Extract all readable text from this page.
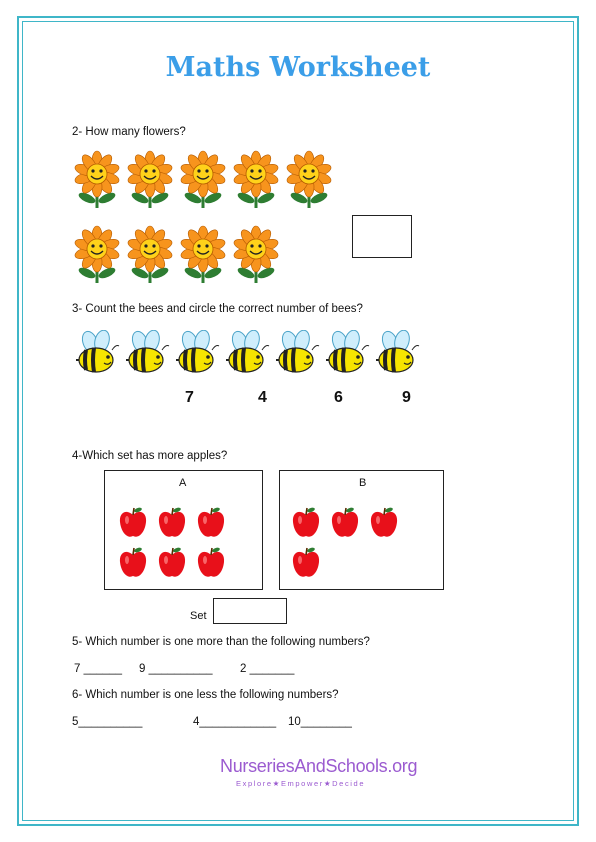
Maths Worksheet
2- How many flowers?
3- Count the bees and circle the correct number of bees?
7	4	6	9
4-Which set has more apples?
A	B
Set
5- Which number is one more than the following numbers?
7 ______ 9 __________ 2 _______
6- Which number is one less the following numbers?
5__________	4____________ 10________
NurseriesAndSchools.org
Explore★Empower★Decide
